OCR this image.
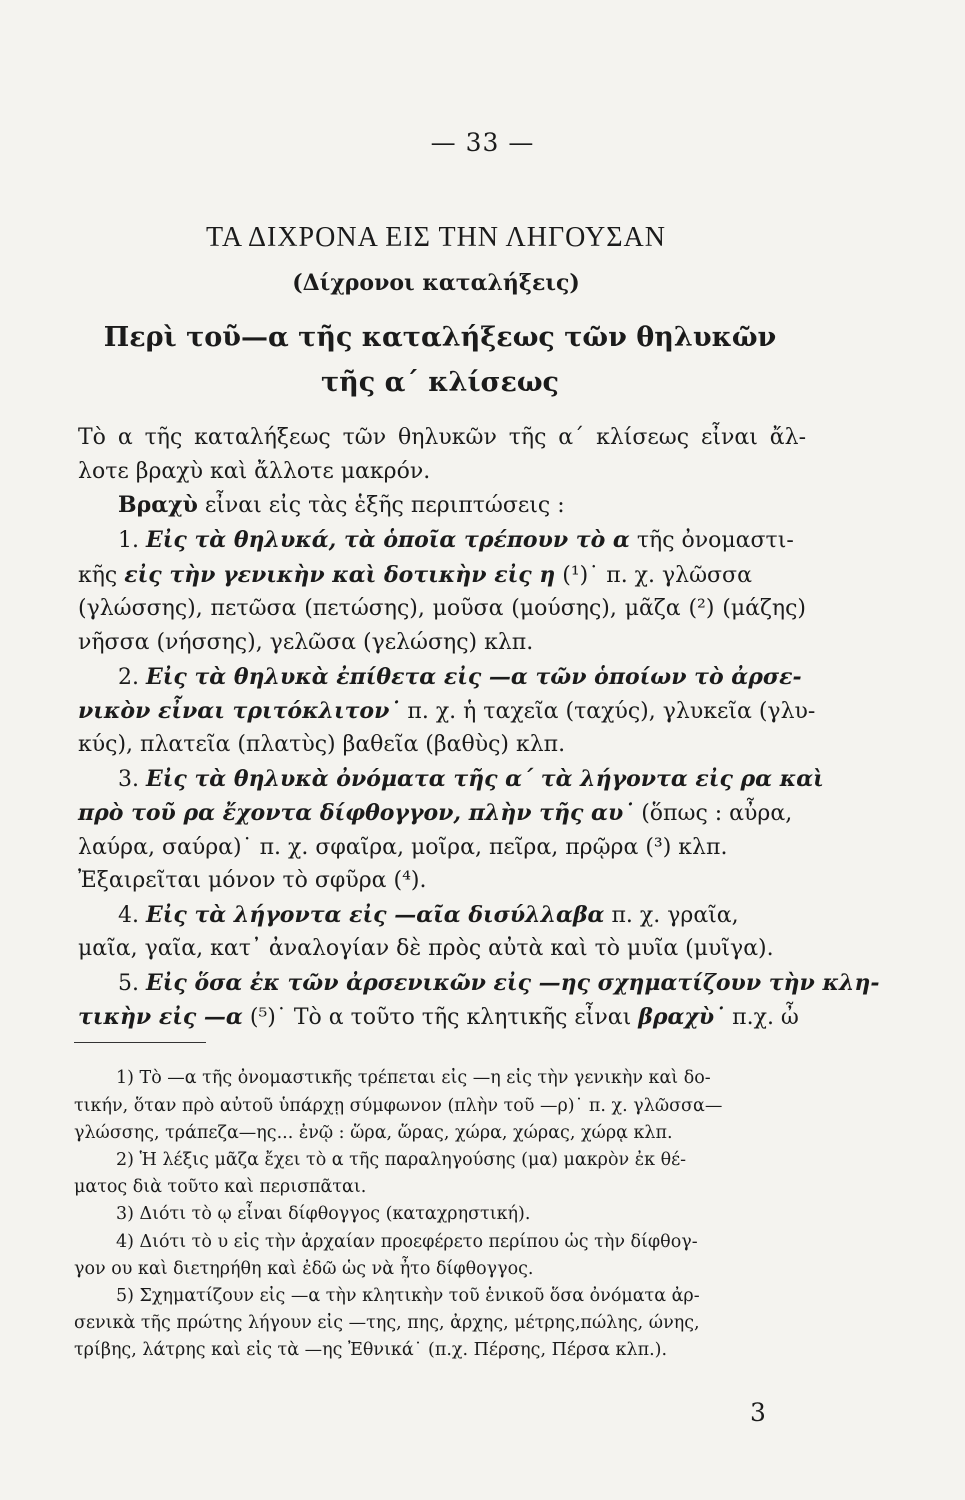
— 33 —
ΤΑ ΔΙΧΡΟΝΑ ΕΙΣ ΤΗΝ ΛΗΓΟΥΣΑΝ
(Δίχρονοι καταλήξεις)
Περὶ τοῦ—α τῆς καταλήξεως τῶν θηλυκῶν
τῆς α΄ κλίσεως
Τὸ α τῆς καταλήξεως τῶν θηλυκῶν τῆς α΄ κλίσεως εἶναι ἄλ-
λοτε βραχὺ καὶ ἄλλοτε μακρόν.
Βραχὺ εἶναι εἰς τὰς ἑξῆς περιπτώσεις :
1. Εἰς τὰ θηλυκά, τὰ ὁποῖα τρέπουν τὸ α τῆς ὀνομαστι-
κῆς εἰς τὴν γενικὴν καὶ δοτικὴν εἰς η (¹)˙ π. χ. γλῶσσα
(γλώσσης), πετῶσα (πετώσης), μοῦσα (μούσης), μᾶζα (²) (μάζης)
νῆσσα (νήσσης), γελῶσα (γελώσης) κλπ.
2. Εἰς τὰ θηλυκὰ ἐπίθετα εἰς —α τῶν ὁποίων τὸ ἀρσε-
νικὸν εἶναι τριτόκλιτον˙ π. χ. ἡ ταχεῖα (ταχύς), γλυκεῖα (γλυ-
κύς), πλατεῖα (πλατὺς) βαθεῖα (βαθὺς) κλπ.
3. Εἰς τὰ θηλυκὰ ὀνόματα τῆς α΄ τὰ λήγοντα εἰς ρα καὶ
πρὸ τοῦ ρα ἔχοντα δίφθογγον, πλὴν τῆς αυ˙ (ὅπως : αὖρα,
λαύρα, σαύρα)˙ π. χ. σφαῖρα, μοῖρα, πεῖρα, πρῷρα (³) κλπ.
Ἐξαιρεῖται μόνον τὸ σφῦρα (⁴).
4. Εἰς τὰ λήγοντα εἰς —αῖα δισύλλαβα π. χ. γραῖα,
μαῖα, γαῖα, κατ᾿ ἀναλογίαν δὲ πρὸς αὐτὰ καὶ τὸ μυῖα (μυῖγα).
5. Εἰς ὅσα ἐκ τῶν ἀρσενικῶν εἰς —ης σχηματίζουν τὴν κλη-
τικὴν εἰς —α (⁵)˙ Τὸ α τοῦτο τῆς κλητικῆς εἶναι βραχὺ˙ π.χ. ὦ
1) Τὸ —α τῆς ὀνομαστικῆς τρέπεται εἰς —η εἰς τὴν γενικὴν καὶ δο-
τικήν, ὅταν πρὸ αὐτοῦ ὑπάρχῃ σύμφωνον (πλὴν τοῦ —ρ)˙ π. χ. γλῶσσα—
γλώσσης, τράπεζα—ης... ἐνῷ : ὥρα, ὥρας, χώρα, χώρας, χώρᾳ κλπ.
2) Ἡ λέξις μᾶζα ἔχει τὸ α τῆς παραληγούσης (μα) μακρὸν ἐκ θέ-
ματος διὰ τοῦτο καὶ περισπᾶται.
3) Διότι τὸ ῳ εἶναι δίφθογγος (καταχρηστική).
4) Διότι τὸ υ εἰς τὴν ἀρχαίαν προεφέρετο περίπου ὡς τὴν δίφθογ-
γον ου καὶ διετηρήθη καὶ ἐδῶ ὡς νὰ ἦτο δίφθογγος.
5) Σχηματίζουν εἰς —α τὴν κλητικὴν τοῦ ἑνικοῦ ὅσα ὀνόματα ἀρ-
σενικὰ τῆς πρώτης λήγουν εἰς —της, πης, ἀρχης, μέτρης,πώλης, ώνης,
τρίβης, λάτρης καὶ εἰς τὰ —ης Ἐθνικά˙ (π.χ. Πέρσης, Πέρσα κλπ.).
3
